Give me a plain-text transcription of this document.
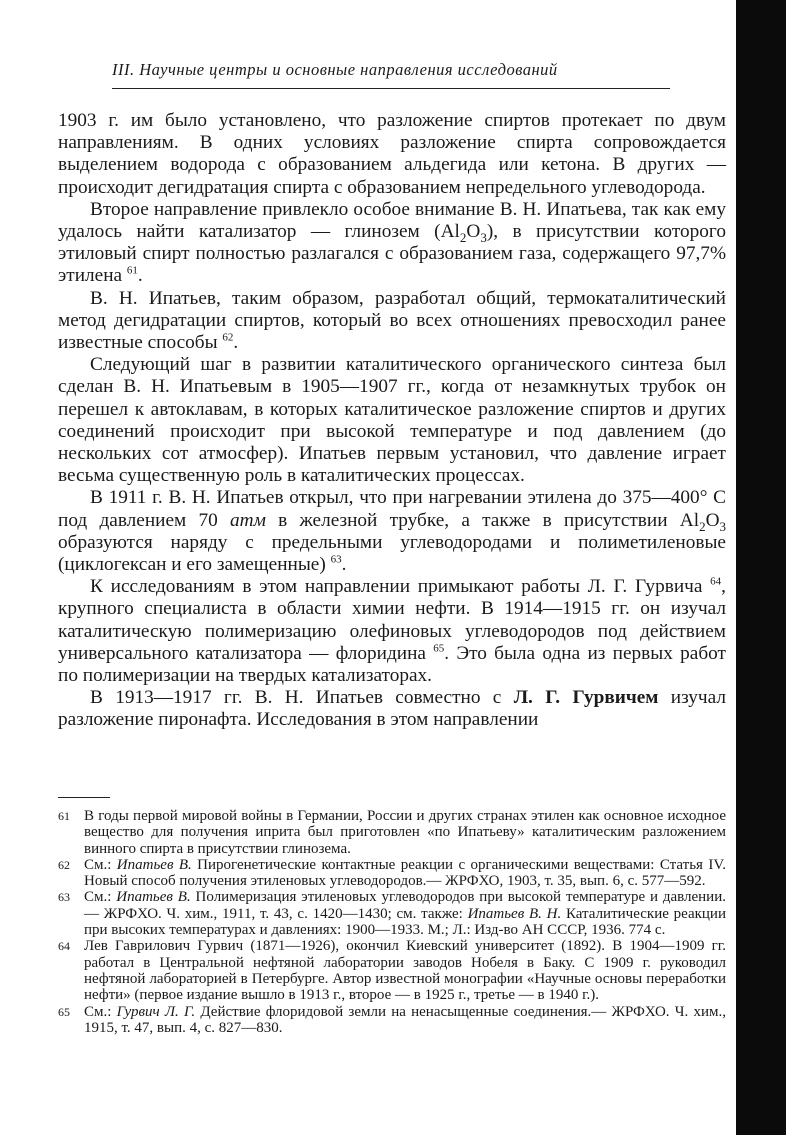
III. Научные центры и основные направления исследований

1903 г. им было установлено, что разложение спиртов протекает по двум направлениям. В одних условиях разложение спирта сопровождается выделением водорода с образованием альдегида или кетона. В других — происходит дегидратация спирта с образованием непредельного углеводорода.

Второе направление привлекло особое внимание В. Н. Ипатьева, так как ему удалось найти катализатор — глинозем $(Al_2O_3)$, в присутствии которого этиловый спирт полностью разлагался с образованием газа, содержащего 97,7% этилена $^{61}$.

В. Н. Ипатьев, таким образом, разработал общий, термокаталитический метод дегидратации спиртов, который во всех отношениях превосходил ранее известные способы $^{62}$.

Следующий шаг в развитии каталитического органического синтеза был сделан В. Н. Ипатьевым в 1905—1907 гг., когда от незамкнутых трубок он перешел к автоклавам, в которых каталитическое разложение спиртов и других соединений происходит при высокой температуре и под давлением (до нескольких сот атмосфер). Ипатьев первым установил, что давление играет весьма существенную роль в каталитических процессах.

В 1911 г. В. Н. Ипатьев открыл, что при нагревании этилена до 375—400° С под давлением 70 атм в железной трубке, а также в присутствии $Al_2O_3$ образуются наряду с предельными углеводородами и полиметиленовые (циклогексан и его замещенные) $^{63}$.

К исследованиям в этом направлении примыкают работы Л. Г. Гурвича $^{64}$, крупного специалиста в области химии нефти. В 1914—1915 гг. он изучал каталитическую полимеризацию олефиновых углеводородов под действием универсального катализатора — флоридина $^{65}$. Это была одна из первых работ по полимеризации на твердых катализаторах.

В 1913—1917 гг. В. Н. Ипатьев совместно с Л. Г. Гурвичем изучал разложение пиронафта. Исследования в этом направлении

61 В годы первой мировой войны в Германии, России и других странах этилен как основное исходное вещество для получения иприта был приготовлен «по Ипатьеву» каталитическим разложением винного спирта в присутствии глинозема.

62 См.: Ипатьев В. Пирогенетические контактные реакции с органическими веществами: Статья IV. Новый способ получения этиленовых углеводородов.— ЖРФХО, 1903, т. 35, вып. 6, с. 577—592.

63 См.: Ипатьев В. Полимеризация этиленовых углеводородов при высокой температуре и давлении.— ЖРФХО. Ч. хим., 1911, т. 43, с. 1420—1430; см. также: Ипатьев В. Н. Каталитические реакции при высоких температурах и давлениях: 1900—1933. М.; Л.: Изд-во АН СССР, 1936. 774 с.

64 Лев Гаврилович Гурвич (1871—1926), окончил Киевский университет (1892). В 1904—1909 гг. работал в Центральной нефтяной лаборатории заводов Нобеля в Баку. С 1909 г. руководил нефтяной лабораторией в Петербурге. Автор известной монографии «Научные основы переработки нефти» (первое издание вышло в 1913 г., второе — в 1925 г., третье — в 1940 г.).

65 См.: Гурвич Л. Г. Действие флоридовой земли на ненасыщенные соединения.— ЖРФХО. Ч. хим., 1915, т. 47, вып. 4, с. 827—830.
